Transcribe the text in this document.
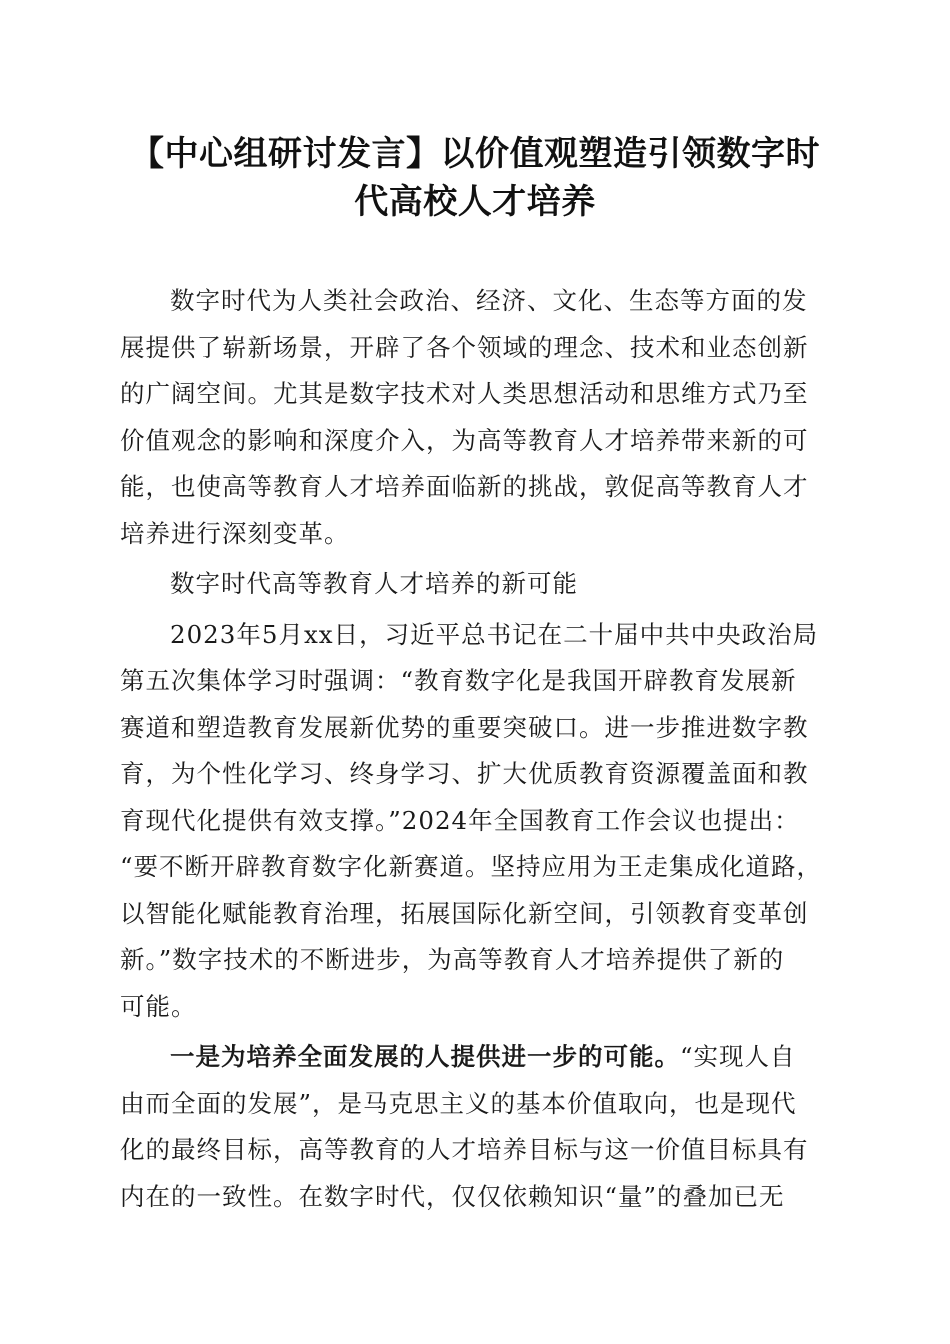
【中心组研讨发言】以价值观塑造引领数字时
代高校人才培养
数字时代为人类社会政治、经济、文化、生态等方面的发
展提供了崭新场景，开辟了各个领域的理念、技术和业态创新
的广阔空间。尤其是数字技术对人类思想活动和思维方式乃至
价值观念的影响和深度介入，为高等教育人才培养带来新的可
能，也使高等教育人才培养面临新的挑战，敦促高等教育人才
培养进行深刻变革。
数字时代高等教育人才培养的新可能
2023年5月xx日，习近平总书记在二十届中共中央政治局
第五次集体学习时强调：“教育数字化是我国开辟教育发展新
赛道和塑造教育发展新优势的重要突破口。进一步推进数字教
育，为个性化学习、终身学习、扩大优质教育资源覆盖面和教
育现代化提供有效支撑。”2024年全国教育工作会议也提出：
“要不断开辟教育数字化新赛道。坚持应用为王走集成化道路，
以智能化赋能教育治理，拓展国际化新空间，引领教育变革创
新。”数字技术的不断进步，为高等教育人才培养提供了新的
可能。
一是为培养全面发展的人提供进一步的可能。“实现人自
由而全面的发展”，是马克思主义的基本价值取向，也是现代
化的最终目标，高等教育的人才培养目标与这一价值目标具有
内在的一致性。在数字时代，仅仅依赖知识“量”的叠加已无
